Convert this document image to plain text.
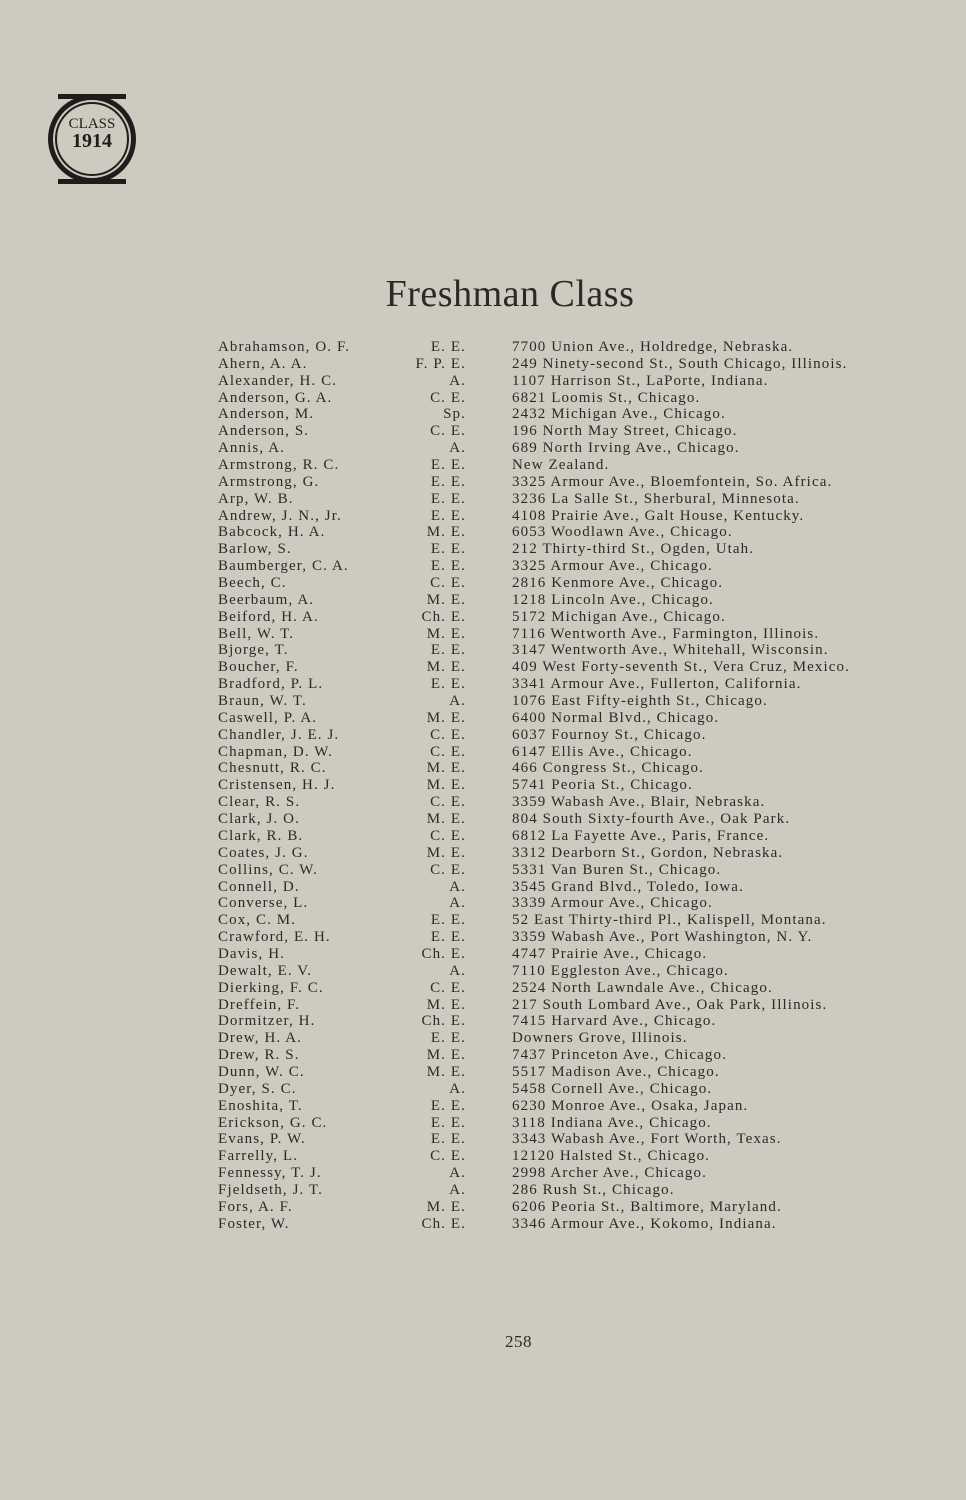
CLASS
1914
Freshman Class
Abrahamson, O. F.	E. E.	7700 Union Ave., Holdredge, Nebraska.
Ahern, A. A.	F. P. E.	249 Ninety-second St., South Chicago, Illinois.
Alexander, H. C.	A.	1107 Harrison St., LaPorte, Indiana.
Anderson, G. A.	C. E.	6821 Loomis St., Chicago.
Anderson, M.	Sp.	2432 Michigan Ave., Chicago.
Anderson, S.	C. E.	196 North May Street, Chicago.
Annis, A.	A.	689 North Irving Ave., Chicago.
Armstrong, R. C.	E. E.	New Zealand.
Armstrong, G.	E. E.	3325 Armour Ave., Bloemfontein, So. Africa.
Arp, W. B.	E. E.	3236 La Salle St., Sherbural, Minnesota.
Andrew, J. N., Jr.	E. E.	4108 Prairie Ave., Galt House, Kentucky.
Babcock, H. A.	M. E.	6053 Woodlawn Ave., Chicago.
Barlow, S.	E. E.	212 Thirty-third St., Ogden, Utah.
Baumberger, C. A.	E. E.	3325 Armour Ave., Chicago.
Beech, C.	C. E.	2816 Kenmore Ave., Chicago.
Beerbaum, A.	M. E.	1218 Lincoln Ave., Chicago.
Beiford, H. A.	Ch. E.	5172 Michigan Ave., Chicago.
Bell, W. T.	M. E.	7116 Wentworth Ave., Farmington, Illinois.
Bjorge, T.	E. E.	3147 Wentworth Ave., Whitehall, Wisconsin.
Boucher, F.	M. E.	409 West Forty-seventh St., Vera Cruz, Mexico.
Bradford, P. L.	E. E.	3341 Armour Ave., Fullerton, California.
Braun, W. T.	A.	1076 East Fifty-eighth St., Chicago.
Caswell, P. A.	M. E.	6400 Normal Blvd., Chicago.
Chandler, J. E. J.	C. E.	6037 Fournoy St., Chicago.
Chapman, D. W.	C. E.	6147 Ellis Ave., Chicago.
Chesnutt, R. C.	M. E.	466 Congress St., Chicago.
Cristensen, H. J.	M. E.	5741 Peoria St., Chicago.
Clear, R. S.	C. E.	3359 Wabash Ave., Blair, Nebraska.
Clark, J. O.	M. E.	804 South Sixty-fourth Ave., Oak Park.
Clark, R. B.	C. E.	6812 La Fayette Ave., Paris, France.
Coates, J. G.	M. E.	3312 Dearborn St., Gordon, Nebraska.
Collins, C. W.	C. E.	5331 Van Buren St., Chicago.
Connell, D.	A.	3545 Grand Blvd., Toledo, Iowa.
Converse, L.	A.	3339 Armour Ave., Chicago.
Cox, C. M.	E. E.	52 East Thirty-third Pl., Kalispell, Montana.
Crawford, E. H.	E. E.	3359 Wabash Ave., Port Washington, N. Y.
Davis, H.	Ch. E.	4747 Prairie Ave., Chicago.
Dewalt, E. V.	A.	7110 Eggleston Ave., Chicago.
Dierking, F. C.	C. E.	2524 North Lawndale Ave., Chicago.
Dreffein, F.	M. E.	217 South Lombard Ave., Oak Park, Illinois.
Dormitzer, H.	Ch. E.	7415 Harvard Ave., Chicago.
Drew, H. A.	E. E.	Downers Grove, Illinois.
Drew, R. S.	M. E.	7437 Princeton Ave., Chicago.
Dunn, W. C.	M. E.	5517 Madison Ave., Chicago.
Dyer, S. C.	A.	5458 Cornell Ave., Chicago.
Enoshita, T.	E. E.	6230 Monroe Ave., Osaka, Japan.
Erickson, G. C.	E. E.	3118 Indiana Ave., Chicago.
Evans, P. W.	E. E.	3343 Wabash Ave., Fort Worth, Texas.
Farrelly, L.	C. E.	12120 Halsted St., Chicago.
Fennessy, T. J.	A.	2998 Archer Ave., Chicago.
Fjeldseth, J. T.	A.	286 Rush St., Chicago.
Fors, A. F.	M. E.	6206 Peoria St., Baltimore, Maryland.
Foster, W.	Ch. E.	3346 Armour Ave., Kokomo, Indiana.
258
